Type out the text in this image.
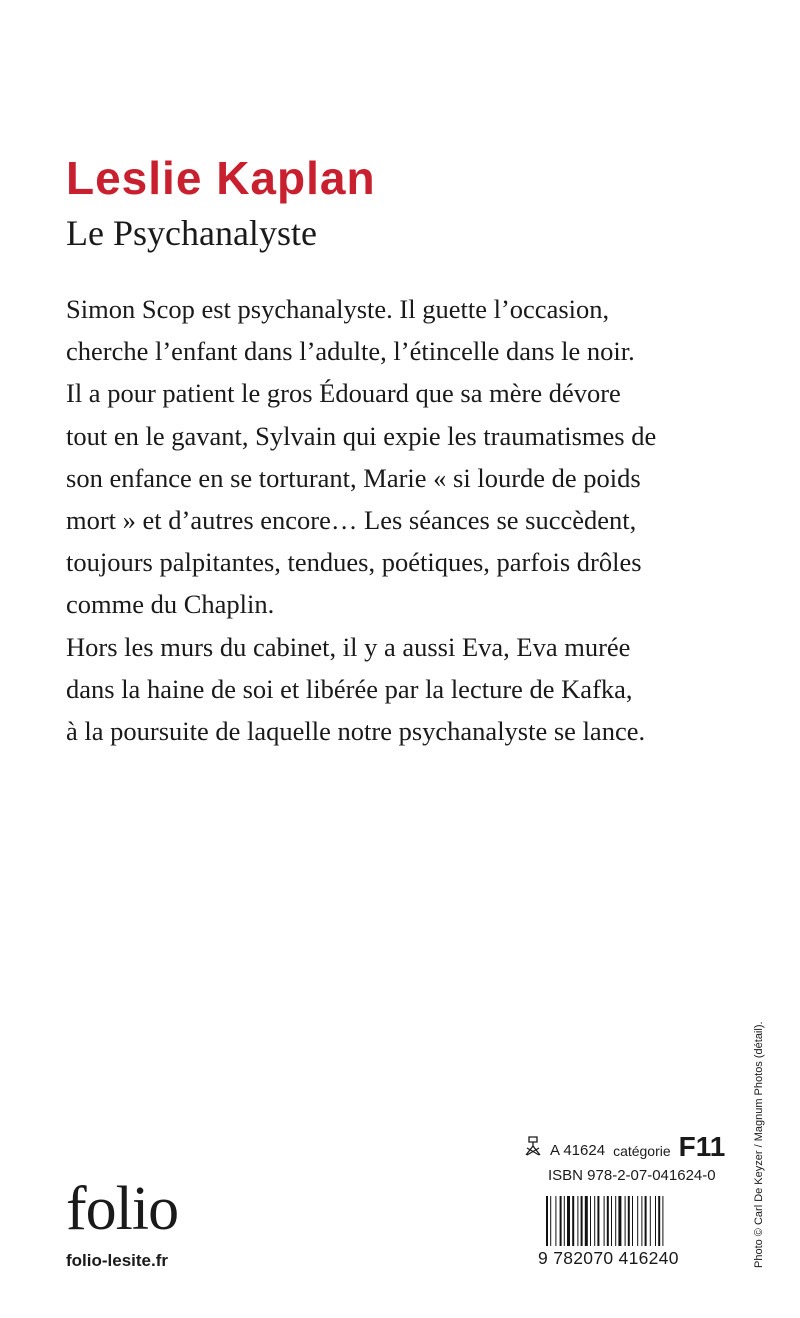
Leslie Kaplan
Le Psychanalyste

Simon Scop est psychanalyste. Il guette l’occasion,
cherche l’enfant dans l’adulte, l’étincelle dans le noir.
Il a pour patient le gros Édouard que sa mère dévore
tout en le gavant, Sylvain qui expie les traumatismes de
son enfance en se torturant, Marie « si lourde de poids
mort » et d’autres encore… Les séances se succèdent,
toujours palpitantes, tendues, poétiques, parfois drôles
comme du Chaplin.

Hors les murs du cabinet, il y a aussi Eva, Eva murée
dans la haine de soi et libérée par la lecture de Kafka,
à la poursuite de laquelle notre psychanalyste se lance.

A 41624 catégorie F11
ISBN 978-2-07-041624-0
9 782070 416240
folio
folio-lesite.fr	Photo © Carl De Keyzer / Magnum Photos (détail).
